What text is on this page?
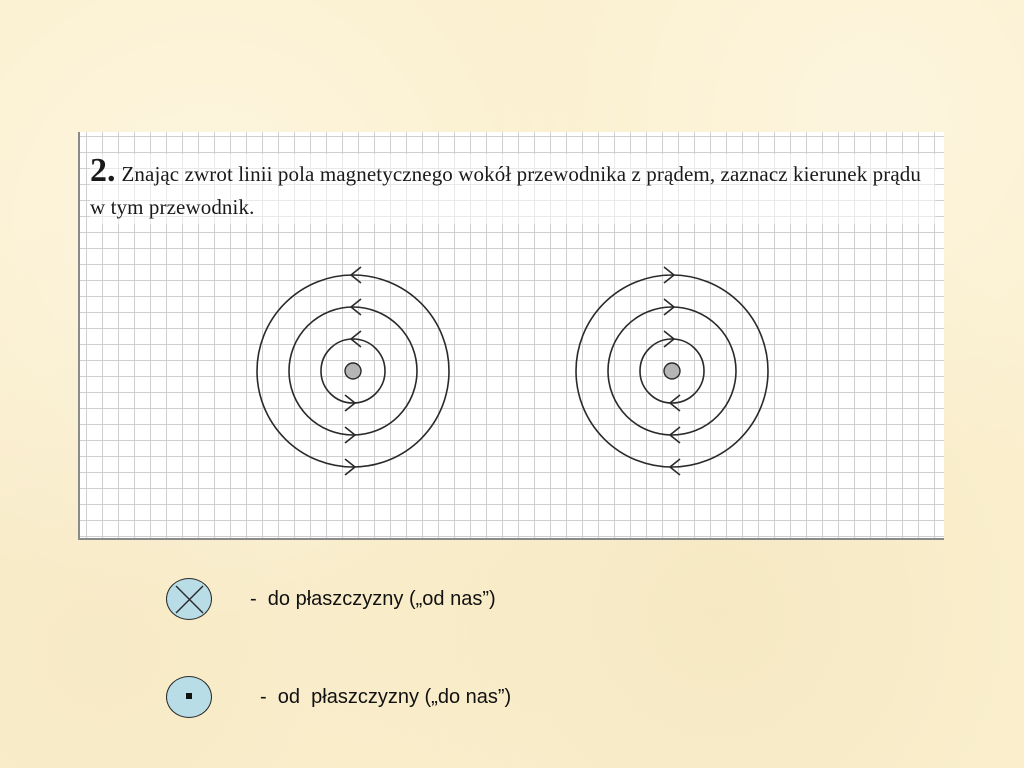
2. Znając zwrot linii pola magnetycznego wokół przewodnika z prądem, zaznacz kierunek prądu w tym przewodnik.
-  do płaszczyzny („od nas”)
-  od  płaszczyzny („do nas”)
